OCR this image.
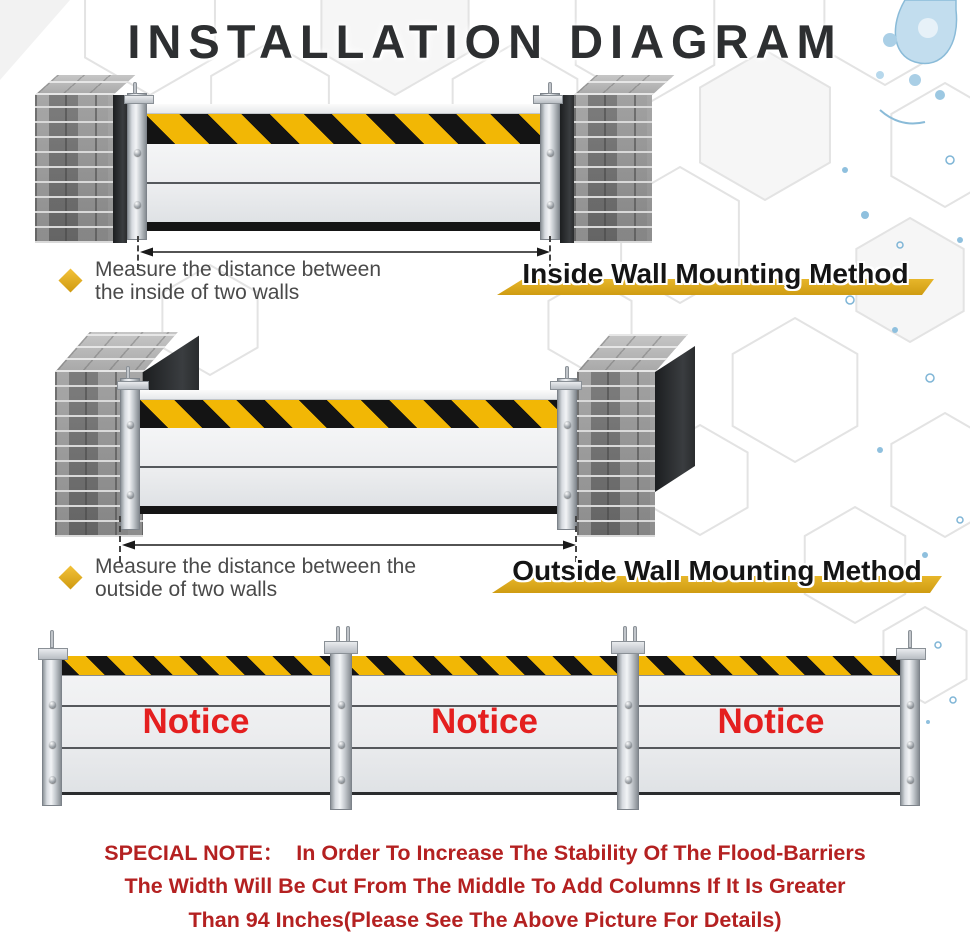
INSTALLATION DIAGRAM
Measure the distance between
the inside of two walls
Inside Wall Mounting Method
Measure the distance between the
outside of two walls
Outside Wall Mounting Method
Notice	Notice	Notice
SPECIAL NOTE：  In Order To Increase The Stability Of The Flood-Barriers
The Width Will Be Cut From The Middle To Add Columns If It Is Greater
Than 94 Inches(Please See The Above Picture For Details)
